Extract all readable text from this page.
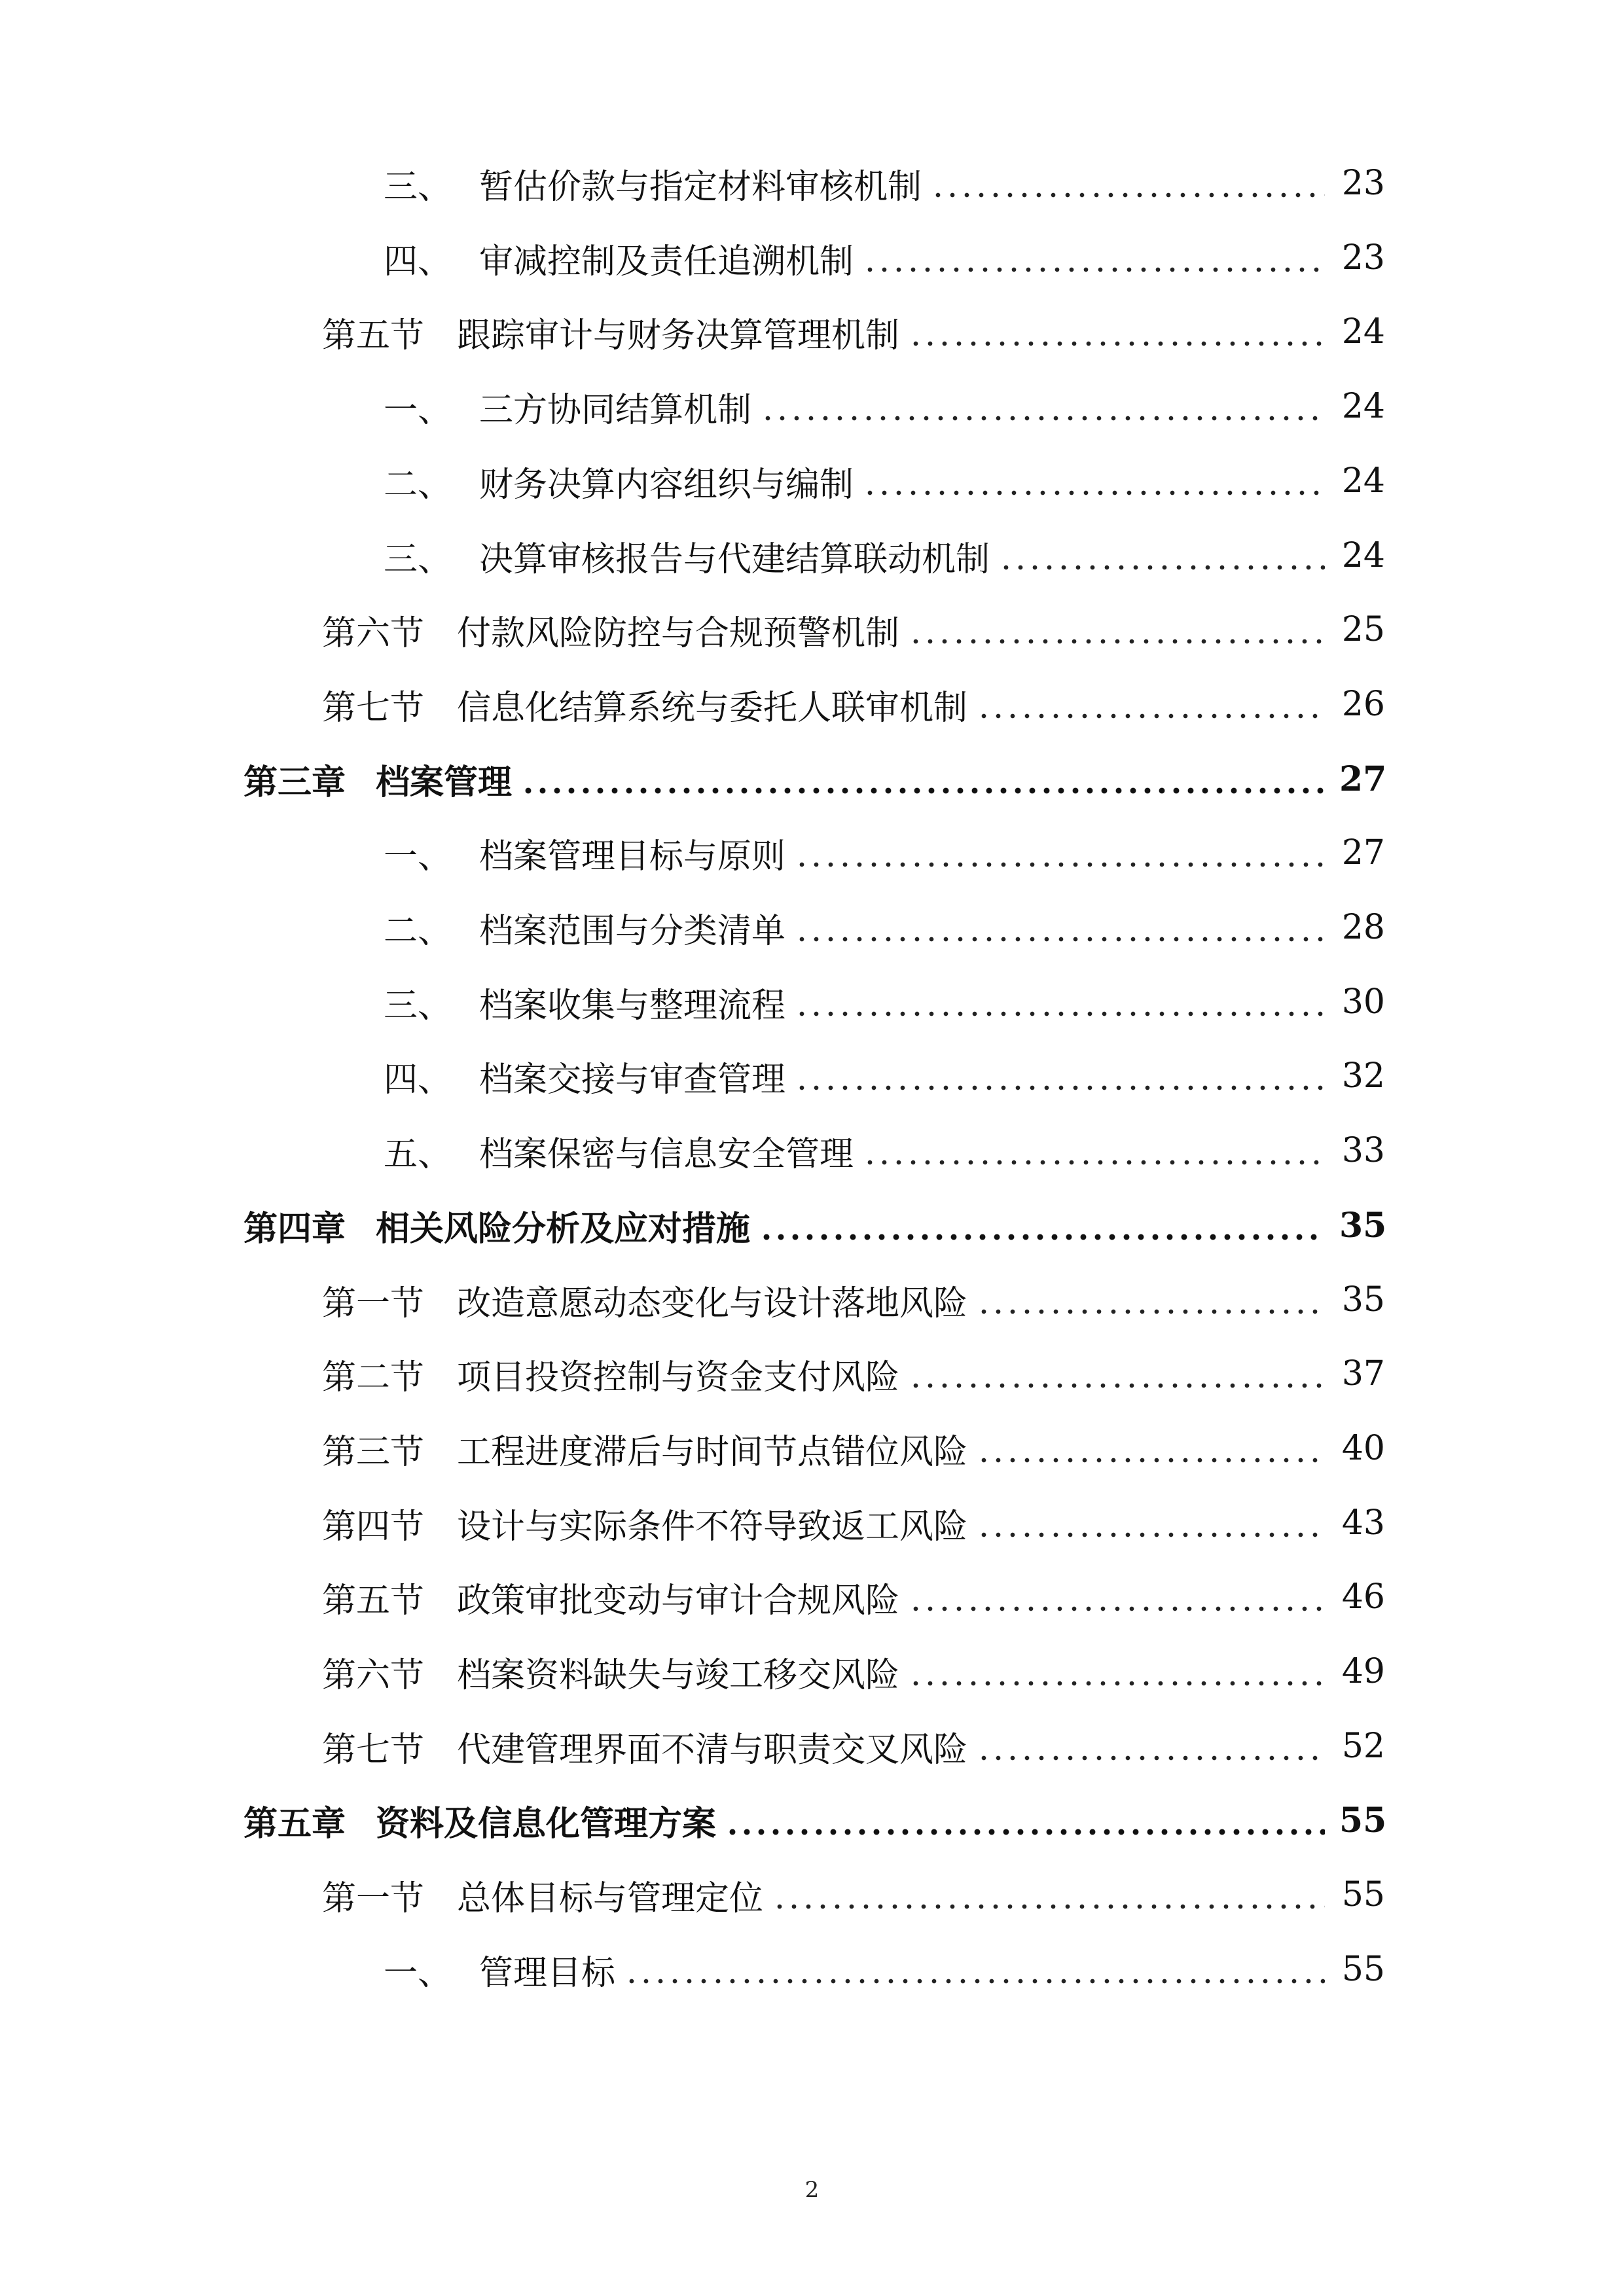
三、 暂估价款与指定材料审核机制	23
四、 审减控制及责任追溯机制	23
第五节 跟踪审计与财务决算管理机制	24
一、 三方协同结算机制	24
二、 财务决算内容组织与编制	24
三、 决算审核报告与代建结算联动机制	24
第六节 付款风险防控与合规预警机制	25
第七节 信息化结算系统与委托人联审机制	26
第三章 档案管理	27
一、 档案管理目标与原则	27
二、 档案范围与分类清单	28
三、 档案收集与整理流程	30
四、 档案交接与审查管理	32
五、 档案保密与信息安全管理	33
第四章 相关风险分析及应对措施	35
第一节 改造意愿动态变化与设计落地风险	35
第二节 项目投资控制与资金支付风险	37
第三节 工程进度滞后与时间节点错位风险	40
第四节 设计与实际条件不符导致返工风险	43
第五节 政策审批变动与审计合规风险	46
第六节 档案资料缺失与竣工移交风险	49
第七节 代建管理界面不清与职责交叉风险	52
第五章 资料及信息化管理方案	55
第一节 总体目标与管理定位	55
一、 管理目标	55
2
